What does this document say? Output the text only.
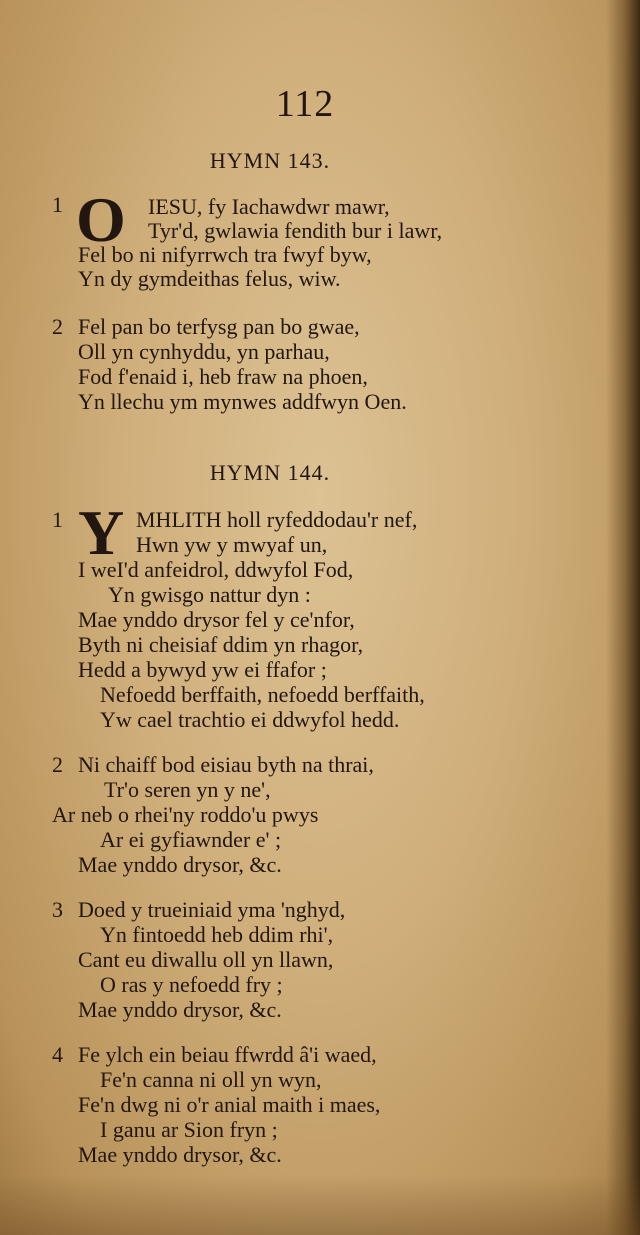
112
HYMN 143.
1 O IESU, fy Iachawdwr mawr,
Tyr'd, gwlawia fendith bur i lawr,
Fel bo ni nifyrrwch tra fwyf byw,
Yn dy gymdeithas felus, wiw.
2 Fel pan bo terfysg pan bo gwae,
Oll yn cynhyddu, yn parhau,
Fod f'enaid i, heb fraw na phoen,
Yn llechu ym mynwes addfwyn Oen.
HYMN 144.
1 Y MHLITH holl ryfeddodau'r nef,
Hwn yw y mwyaf un,
I weI'd anfeidrol, ddwyfol Fod,
Yn gwisgo nattur dyn :
Mae ynddo drysor fel y ce'nfor,
Byth ni cheisiaf ddim yn rhagor,
Hedd a bywyd yw ei ffafor ;
Nefoedd berffaith, nefoedd berffaith,
Yw cael trachtio ei ddwyfol hedd.
2 Ni chaiff bod eisiau byth na thrai,
Tr'o seren yn y ne',
Ar neb o rhei'ny roddo'u pwys
Ar ei gyfiawnder e' ;
Mae ynddo drysor, &c.
3 Doed y trueiniaid yma 'nghyd,
Yn fintoedd heb ddim rhi',
Cant eu diwallu oll yn llawn,
O ras y nefoedd fry ;
Mae ynddo drysor, &c.
4 Fe ylch ein beiau ffwrdd â'i waed,
Fe'n canna ni oll yn wyn,
Fe'n dwg ni o'r anial maith i maes,
I ganu ar Sion fryn ;
Mae ynddo drysor, &c.
